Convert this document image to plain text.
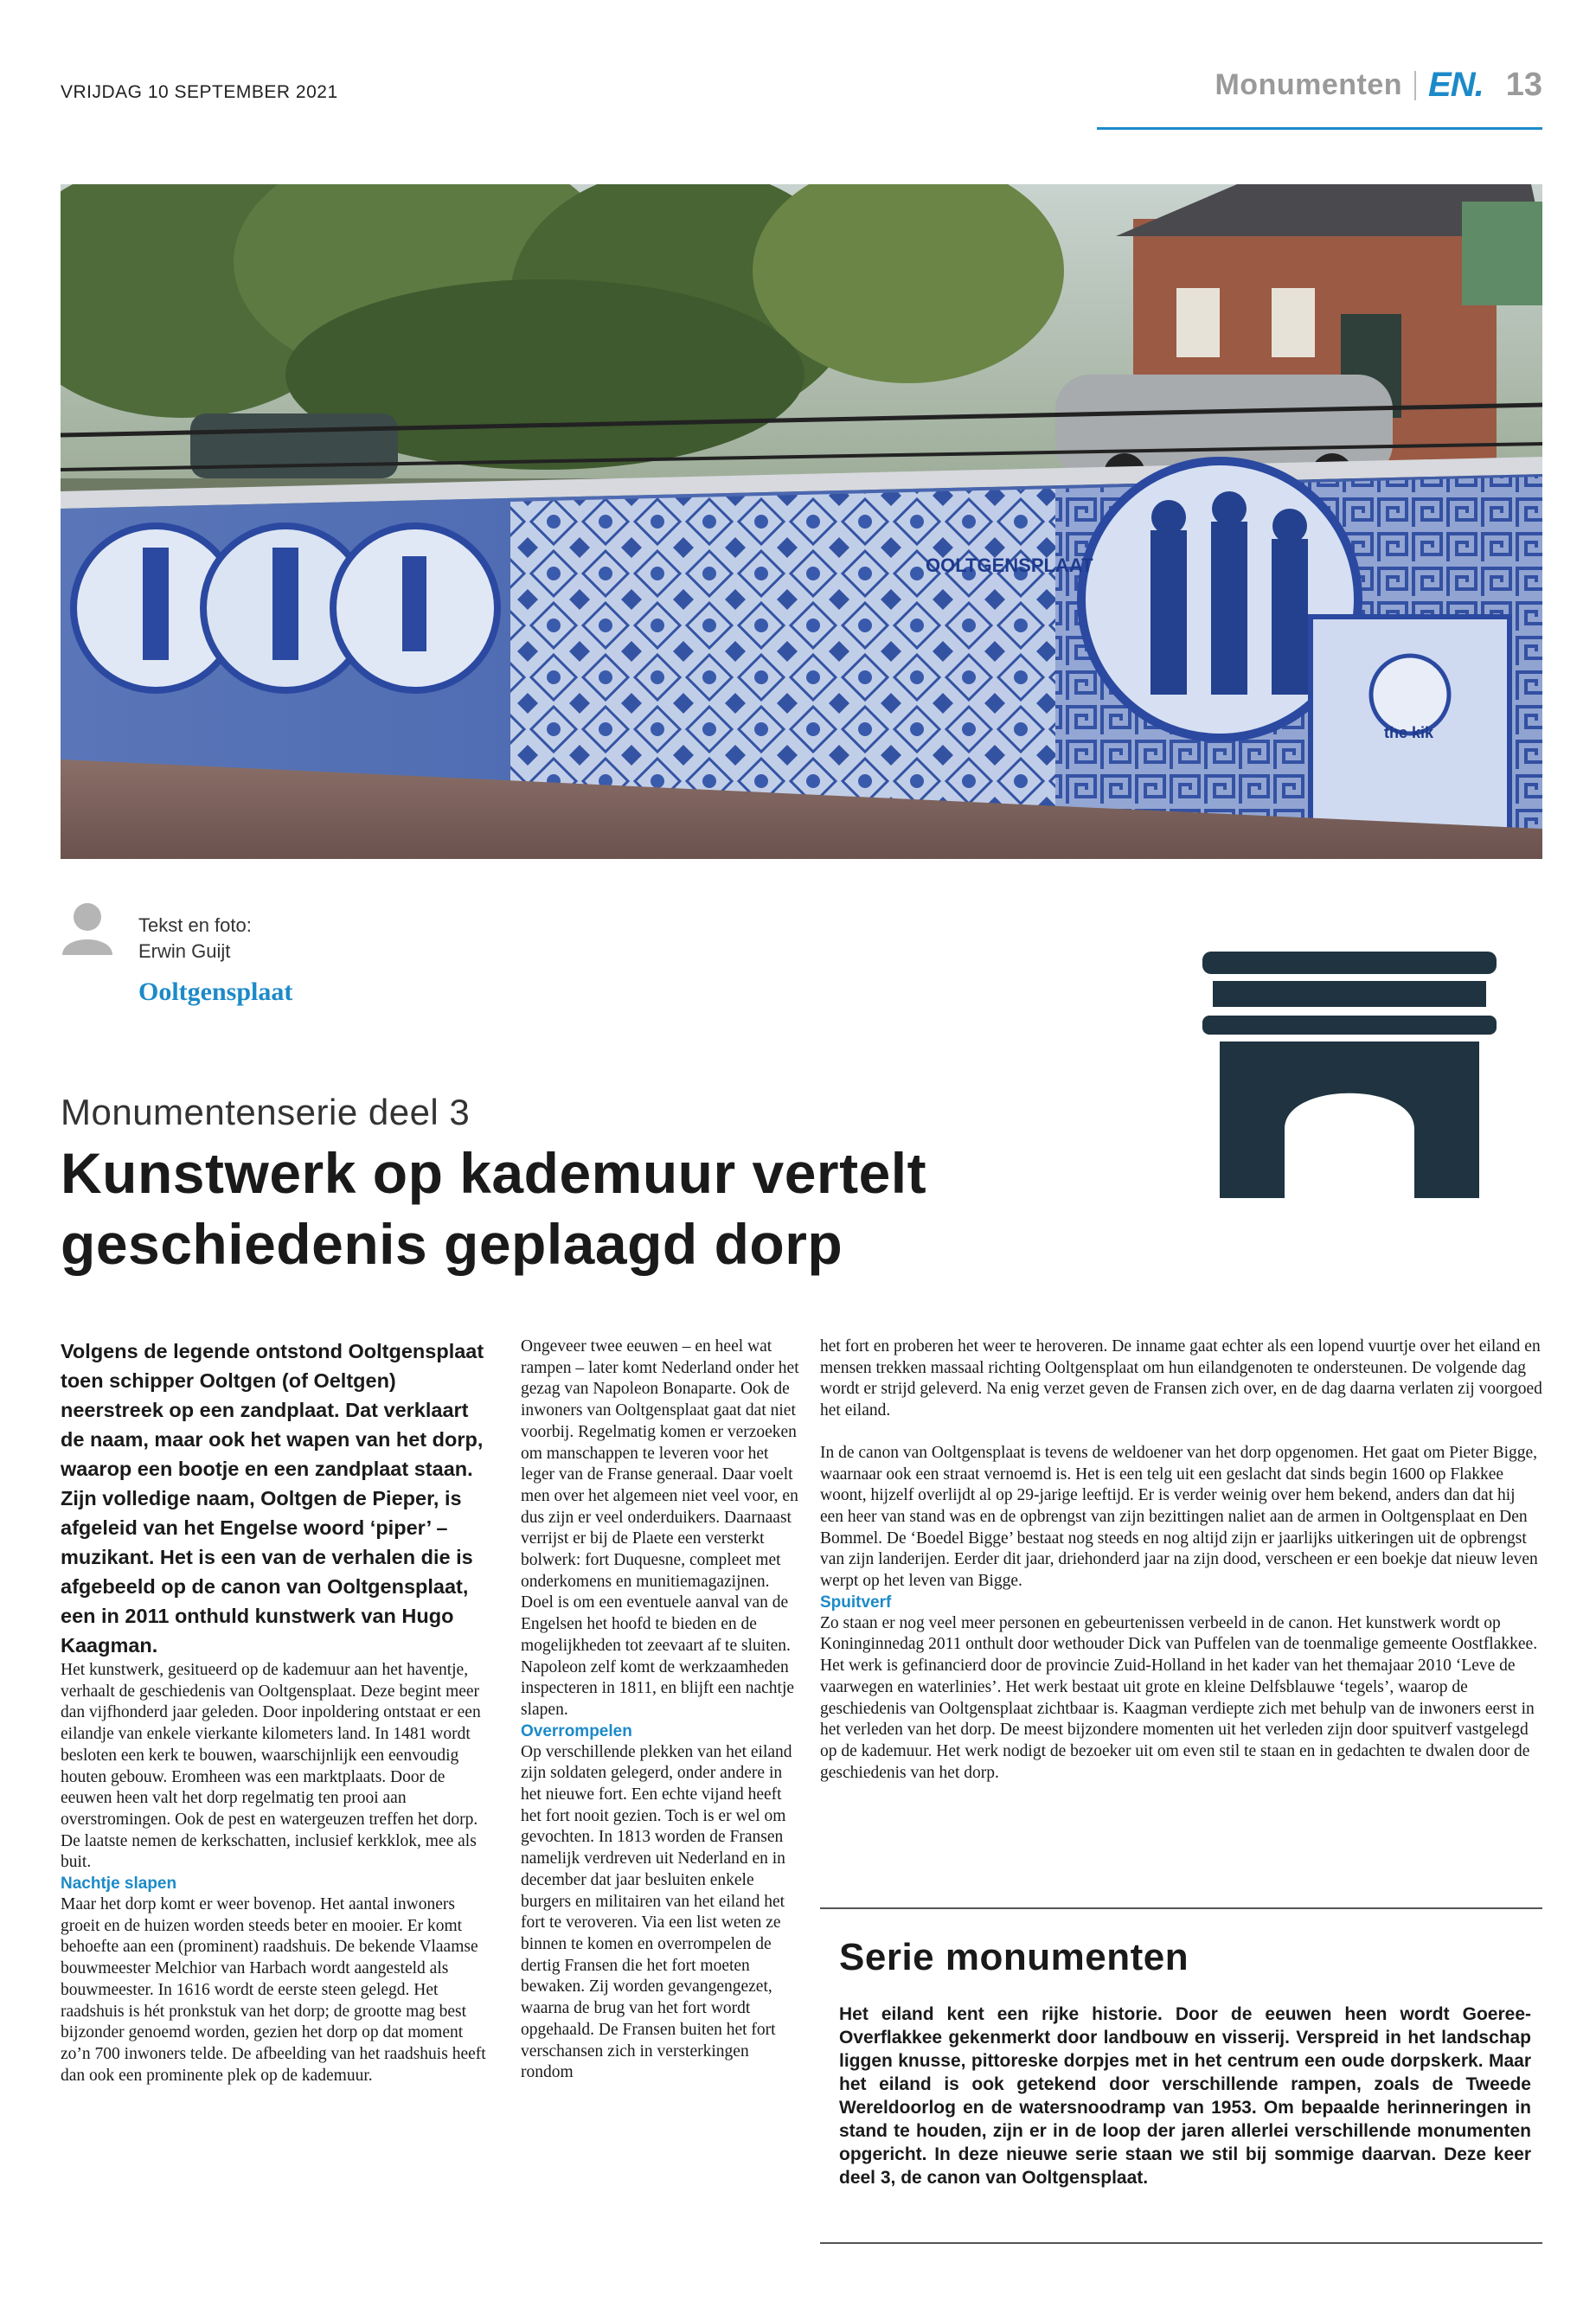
VRIJDAG 10 SEPTEMBER 2021	Monumenten EN. 13
OOLTGENSPLAAT
the kik
Tekst en foto:
Erwin Guijt
Ooltgensplaat
Monumentenserie deel 3
Kunstwerk op kademuur vertelt
geschiedenis geplaagd dorp

Volgens de legende ontstond Ooltgensplaat toen schipper Ooltgen (of Oeltgen) neerstreek op een zandplaat. Dat verklaart de naam, maar ook het wapen van het dorp, waarop een bootje en een zandplaat staan. Zijn volledige naam, Ooltgen de Pieper, is afgeleid van het Engelse woord ‘piper’ – muzikant. Het is een van de verhalen die is afgebeeld op de canon van Ooltgensplaat, een in 2011 onthuld kunstwerk van Hugo Kaagman.

Het kunstwerk, gesitueerd op de kademuur aan het haventje, verhaalt de geschiedenis van Ooltgensplaat. Deze begint meer dan vijfhonderd jaar geleden. Door inpoldering ontstaat er een eilandje van enkele vierkante kilometers land. In 1481 wordt besloten een kerk te bouwen, waarschijnlijk een eenvoudig houten gebouw. Eromheen was een marktplaats. Door de eeuwen heen valt het dorp regelmatig ten prooi aan overstromingen. Ook de pest en watergeuzen treffen het dorp. De laatste nemen de kerkschatten, inclusief kerkklok, mee als buit.

Nachtje slapen

Maar het dorp komt er weer bovenop. Het aantal inwoners groeit en de huizen worden steeds beter en mooier. Er komt behoefte aan een (prominent) raadshuis. De bekende Vlaamse bouwmeester Melchior van Harbach wordt aangesteld als bouwmeester. In 1616 wordt de eerste steen gelegd. Het raadshuis is hét pronkstuk van het dorp; de grootte mag best bijzonder genoemd worden, gezien het dorp op dat moment zo’n 700 inwoners telde. De afbeelding van het raadshuis heeft dan ook een prominente plek op de kademuur.

Ongeveer twee eeuwen – en heel wat rampen – later komt Nederland onder het gezag van Napoleon Bonaparte. Ook de inwoners van Ooltgensplaat gaat dat niet voorbij. Regelmatig komen er verzoeken om manschappen te leveren voor het leger van de Franse generaal. Daar voelt men over het algemeen niet veel voor, en dus zijn er veel onderduikers. Daarnaast verrijst er bij de Plaete een versterkt bolwerk: fort Duquesne, compleet met onderkomens en munitiemagazijnen. Doel is om een eventuele aanval van de Engelsen het hoofd te bieden en de mogelijkheden tot zeevaart af te sluiten. Napoleon zelf komt de werkzaamheden inspecteren in 1811, en blijft een nachtje slapen.

Overrompelen

Op verschillende plekken van het eiland zijn soldaten gelegerd, onder andere in het nieuwe fort. Een echte vijand heeft het fort nooit gezien. Toch is er wel om gevochten. In 1813 worden de Fransen namelijk verdreven uit Nederland en in december dat jaar besluiten enkele burgers en militairen van het eiland het fort te veroveren. Via een list weten ze binnen te komen en overrompelen de dertig Fransen die het fort moeten bewaken. Zij worden gevangengezet, waarna de brug van het fort wordt opgehaald. De Fransen buiten het fort verschansen zich in versterkingen rondom

het fort en proberen het weer te heroveren. De inname gaat echter als een lopend vuurtje over het eiland en mensen trekken massaal richting Ooltgensplaat om hun eilandgenoten te ondersteunen. De volgende dag wordt er strijd geleverd. Na enig verzet geven de Fransen zich over, en de dag daarna verlaten zij voorgoed het eiland.

In de canon van Ooltgensplaat is tevens de weldoener van het dorp opgenomen. Het gaat om Pieter Bigge, waarnaar ook een straat vernoemd is. Het is een telg uit een geslacht dat sinds begin 1600 op Flakkee woont, hijzelf overlijdt al op 29-jarige leeftijd. Er is verder weinig over hem bekend, anders dan dat hij een heer van stand was en de opbrengst van zijn bezittingen naliet aan de armen in Ooltgensplaat en Den Bommel. De ‘Boedel Bigge’ bestaat nog steeds en nog altijd zijn er jaarlijks uitkeringen uit de opbrengst van zijn landerijen. Eerder dit jaar, driehonderd jaar na zijn dood, verscheen er een boekje dat nieuw leven werpt op het leven van Bigge.

Spuitverf

Zo staan er nog veel meer personen en gebeurtenissen verbeeld in de canon. Het kunstwerk wordt op Koninginnedag 2011 onthult door wethouder Dick van Puffelen van de toenmalige gemeente Oostflakkee. Het werk is gefinancierd door de provincie Zuid-Holland in het kader van het themajaar 2010 ‘Leve de vaarwegen en waterlinies’. Het werk bestaat uit grote en kleine Delfsblauwe ‘tegels’, waarop de geschiedenis van Ooltgensplaat zichtbaar is. Kaagman verdiepte zich met behulp van de inwoners eerst in het verleden van het dorp. De meest bijzondere momenten uit het verleden zijn door spuitverf vastgelegd op de kademuur. Het werk nodigt de bezoeker uit om even stil te staan en in gedachten te dwalen door de geschiedenis van het dorp.

Serie monumenten

Het eiland kent een rijke historie. Door de eeuwen heen wordt Goeree-Overflakkee gekenmerkt door landbouw en visserij. Verspreid in het landschap liggen knusse, pittoreske dorpjes met in het centrum een oude dorpskerk. Maar het eiland is ook getekend door verschillende rampen, zoals de Tweede Wereldoorlog en de watersnoodramp van 1953. Om bepaalde herinneringen in stand te houden, zijn er in de loop der jaren allerlei verschillende monumenten opgericht. In deze nieuwe serie staan we stil bij sommige daarvan. Deze keer deel 3, de canon van Ooltgensplaat.
